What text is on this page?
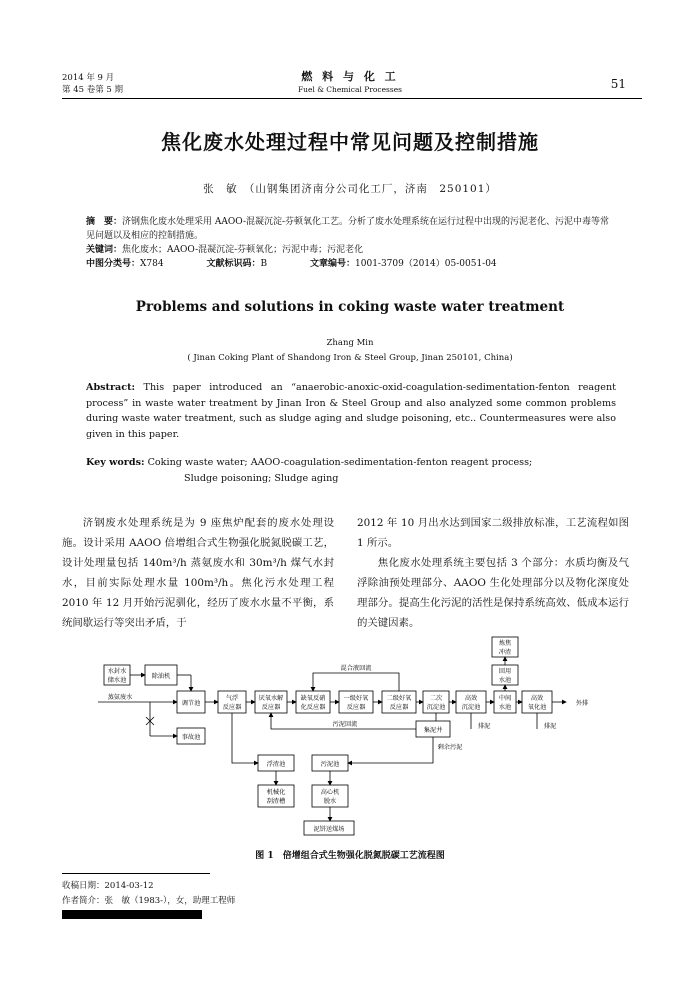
2014 年 9 月
第 45 卷第 5 期
燃 料 与 化 工
Fuel & Chemical Processes	51
焦化废水处理过程中常见问题及控制措施
张　敏　（山钢集团济南分公司化工厂，济南　250101）
摘　要：济钢焦化废水处理采用 AAOO-混凝沉淀-芬顿氧化工艺。分析了废水处理系统在运行过程中出现的污泥老化、污泥中毒等常见问题以及相应的控制措施。
关键词：焦化废水；AAOO-混凝沉淀-芬顿氧化；污泥中毒；污泥老化
中图分类号：X784	文献标识码：B	文章编号：1001-3709（2014）05-0051-04
Problems and solutions in coking waste water treatment
Zhang Min
( Jinan Coking Plant of Shandong Iron & Steel Group, Jinan 250101, China)
Abstract: This paper introduced an “anaerobic-anoxic-oxid-coagulation-sedimentation-fenton reagent process” in waste water treatment by Jinan Iron & Steel Group and also analyzed some common problems during waste water treatment, such as sludge aging and sludge poisoning, etc.. Countermeasures were also given in this paper.
Key words: Coking waste water; AAOO-coagulation-sedimentation-fenton reagent process;
Sludge poisoning; Sludge aging
济钢废水处理系统是为 9 座焦炉配套的废水处理设施。设计采用 AAOO 倍增组合式生物强化脱氮脱碳工艺，设计处理量包括 140m³/h 蒸氨废水和 30m³/h 煤气水封水，目前实际处理水量 100m³/h。焦化污水处理工程 2010 年 12 月开始污泥驯化，经历了废水水量不平衡，系统间歇运行等突出矛盾，于
2012 年 10 月出水达到国家二级排放标准，工艺流程如图 1 所示。
焦化废水处理系统主要包括 3 个部分：水质均衡及气浮除油预处理部分、AAOO 生化处理部分以及物化深度处理部分。提高生化污泥的活性是保持系统高效、低成本运行的关键因素。
水封水
储水池
除油机
蒸氨废水
调节池
事故池
气浮
反应器
厌氧水解
反应器
缺氧反硝
化反应器
一级好氧
反应器
二级好氧
反应器
二次
沉淀池
高效
沉淀池
中间
水池
高效
氧化池
回用
水池
炼焦
冲渣
混合液回流
污泥回流
集泥井
剩余污泥
排泥	排泥
外排
浮渣池	污泥池
机械化
刮渣槽
高心机
脱水
泥饼送煤场
图 1　倍增组合式生物强化脱氮脱碳工艺流程图
收稿日期：2014-03-12
作者简介：张　敏（1983-），女，助理工程师
